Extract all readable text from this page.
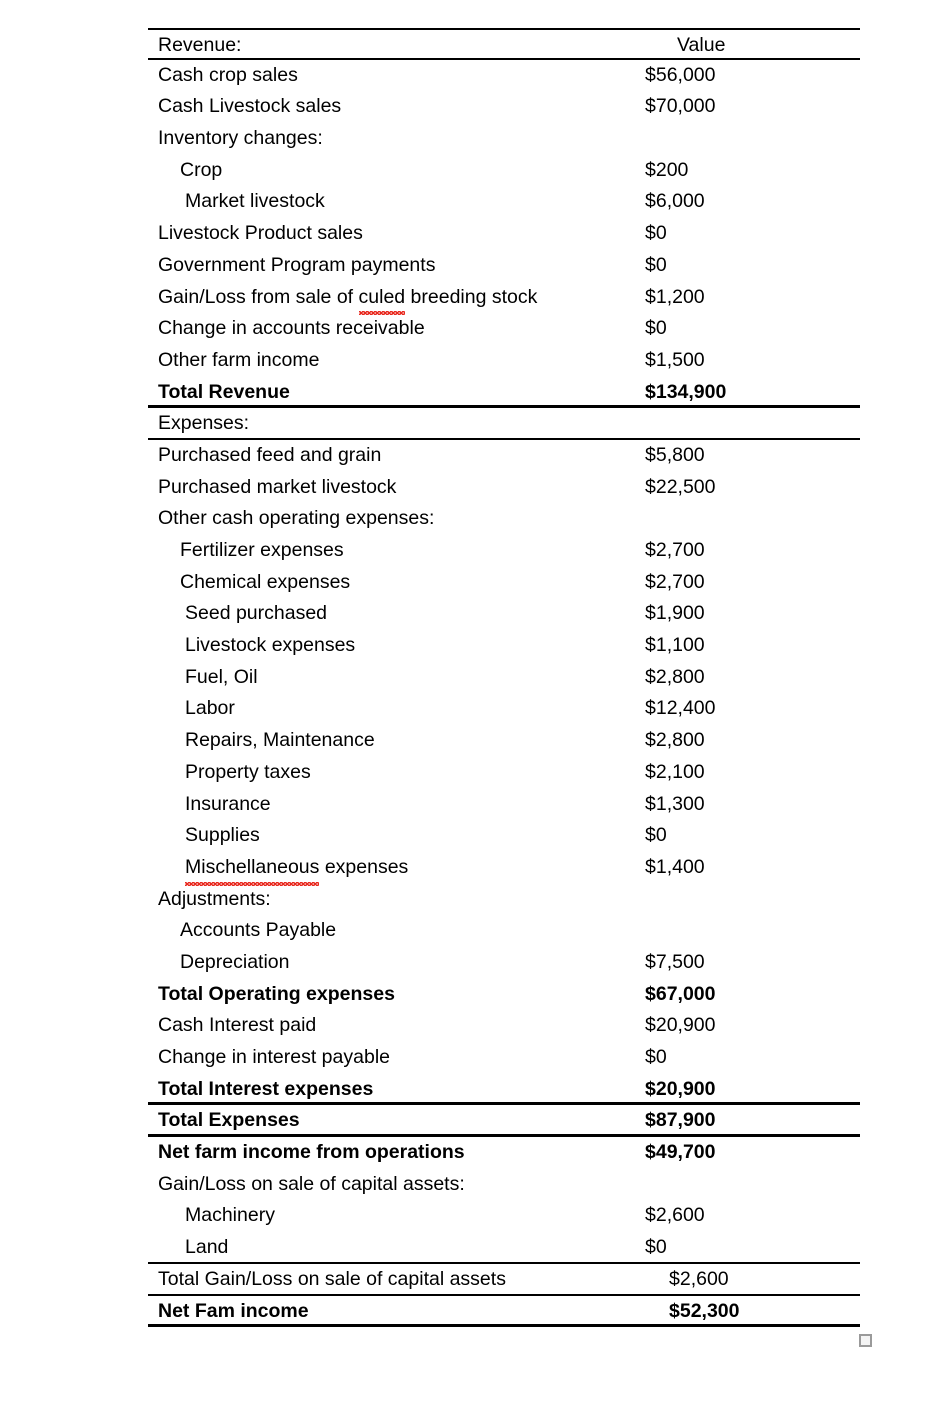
Revenue:	Value
Cash crop sales	$56,000
Cash Livestock sales	$70,000
Inventory changes:
Crop	$200
Market livestock	$6,000
Livestock Product sales	$0
Government Program payments	$0
Gain/Loss from sale of culed breeding stock	$1,200
Change in accounts receivable	$0
Other farm income	$1,500
Total Revenue	$134,900
Expenses:
Purchased feed and grain	$5,800
Purchased market livestock	$22,500
Other cash operating expenses:
Fertilizer expenses	$2,700
Chemical expenses	$2,700
Seed purchased	$1,900
Livestock expenses	$1,100
Fuel, Oil	$2,800
Labor	$12,400
Repairs, Maintenance	$2,800
Property taxes	$2,100
Insurance	$1,300
Supplies	$0
Mischellaneous expenses	$1,400
Adjustments:
Accounts Payable
Depreciation	$7,500
Total Operating expenses	$67,000
Cash Interest paid	$20,900
Change in interest payable	$0
Total Interest expenses	$20,900
Total Expenses	$87,900
Net farm income from operations	$49,700
Gain/Loss on sale of capital assets:
Machinery	$2,600
Land	$0
Total Gain/Loss on sale of capital assets	$2,600
Net Fam income	$52,300
